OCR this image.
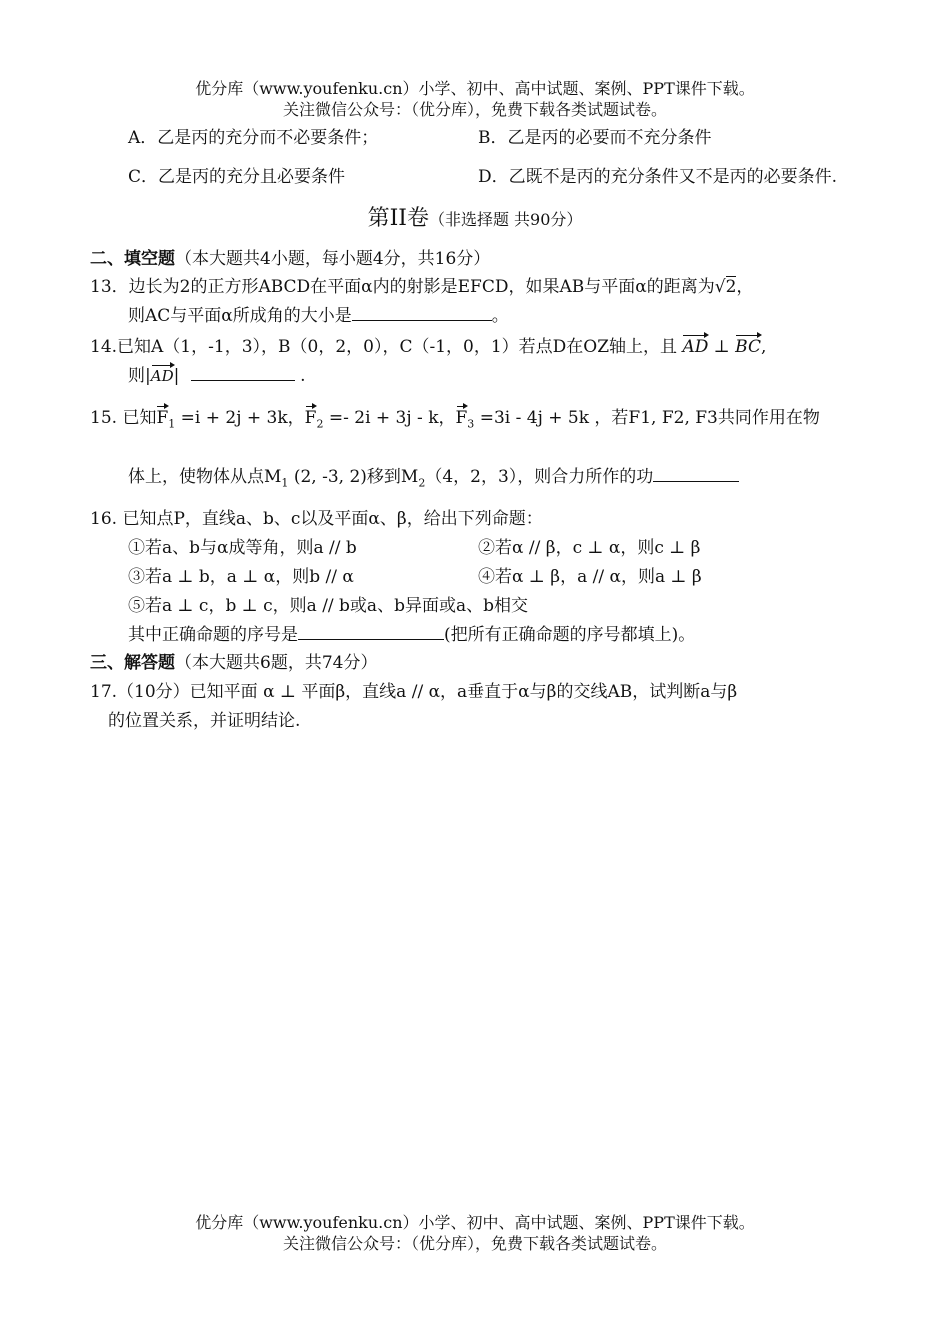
优分库（www.youfenku.cn）小学、初中、高中试题、案例、PPT课件下载。
关注微信公众号：（优分库），免费下载各类试题试卷。
A．乙是丙的充分而不必要条件；	B．乙是丙的必要而不充分条件
C．乙是丙的充分且必要条件	D．乙既不是丙的充分条件又不是丙的必要条件.
第II卷（非选择题 共90分）
二、填空题（本大题共4小题，每小题4分，共16分）
13．边长为2的正方形ABCD在平面α内的射影是EFCD，如果AB与平面α的距离为√2，
则AC与平面α所成角的大小是	。
14.已知A（1，-1，3），B（0，2，0），C（-1，0，1）若点D在OZ轴上，且 AD ⊥ BC,
则|AD|	.
15. 已知$F_1 =i + 2j + 3k$，$F_2 =- 2i + 3j - k$，$F_3 =3i - 4j + 5k$ ，若F1, F2, F3共同作用在物
体上，使物体从点$M_1$ (2, -3, 2)移到$M_2(4$，2，3），则合力所作的功
16. 已知点P，直线a、b、c以及平面α、β，给出下列命题：
①若a、b与α成等角，则a // b	②若α // β，c ⊥ α，则c ⊥ β
③若a ⊥ b，a ⊥ α，则b // α	④若α ⊥ β，a // α，则a ⊥ β
⑤若a ⊥ c，b ⊥ c，则a // b或a、b异面或a、b相交
其中正确命题的序号是	(把所有正确命题的序号都填上)。
三、解答题（本大题共6题，共74分）
17.（10分）已知平面 α ⊥ 平面β，直线a // α，a垂直于α与β的交线AB，试判断a与β
的位置关系，并证明结论.
优分库（www.youfenku.cn）小学、初中、高中试题、案例、PPT课件下载。
关注微信公众号：（优分库），免费下载各类试题试卷。
